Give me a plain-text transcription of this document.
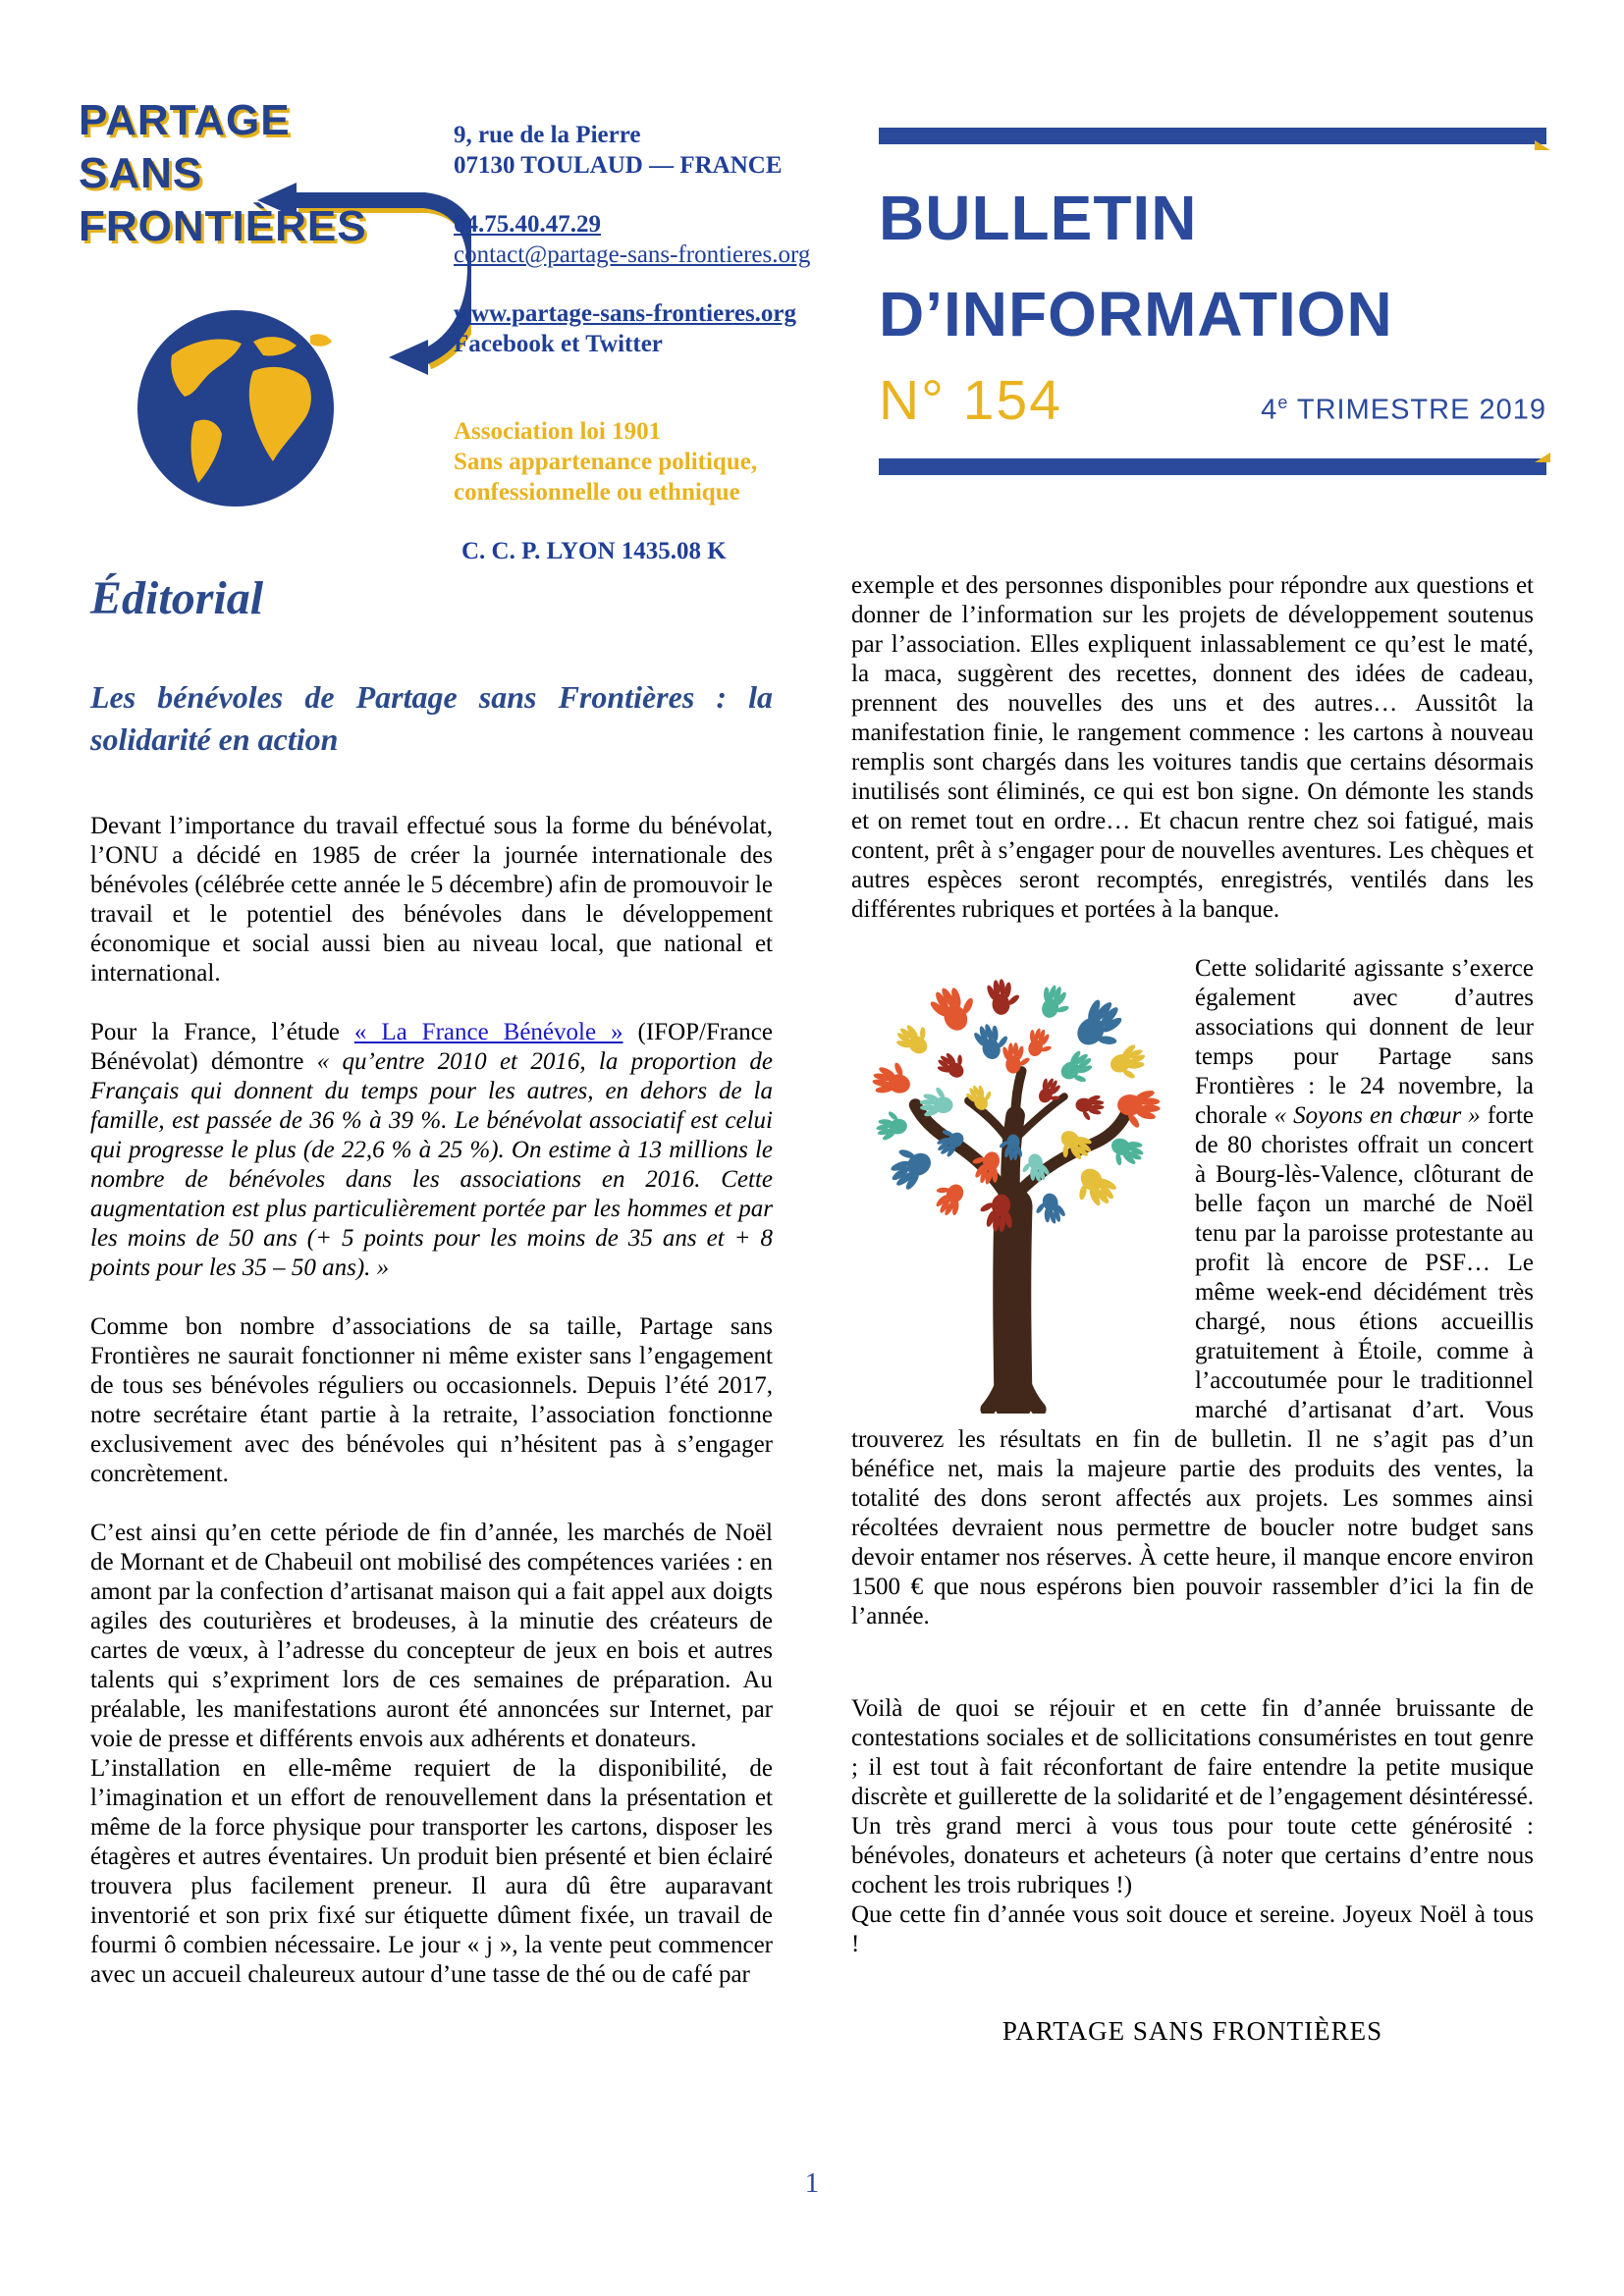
PARTAGE
SANS
FRONTIÈRES
9, rue de la Pierre
07130 TOULAUD — FRANCE
04.75.40.47.29
contact@partage-sans-frontieres.org
www.partage-sans-frontieres.org
Facebook et Twitter
Association loi 1901
Sans appartenance politique,
confessionnelle ou ethnique
C. C. P. LYON 1435.08 K
BULLETIN
D’INFORMATION
N° 154	4e TRIMESTRE 2019
Éditorial
Les bénévoles de Partage sans Frontières : la solidarité en action

Devant l’importance du travail effectué sous la forme du bénévolat, l’ONU a décidé en 1985 de créer la journée internationale des bénévoles (célébrée cette année le 5 décembre) afin de promouvoir le travail et le potentiel des bénévoles dans le développement économique et social aussi bien au niveau local, que national et international.

Pour la France, l’étude « La France Bénévole » (IFOP/France Bénévolat) démontre « qu’entre 2010 et 2016, la proportion de Français qui donnent du temps pour les autres, en dehors de la famille, est passée de 36 % à 39 %. Le bénévolat associatif est celui qui progresse le plus (de 22,6 % à 25 %). On estime à 13 millions le nombre de bénévoles dans les associations en 2016. Cette augmentation est plus particulièrement portée par les hommes et par les moins de 50 ans (+ 5 points pour les moins de 35 ans et + 8 points pour les 35 – 50 ans). »

Comme bon nombre d’associations de sa taille, Partage sans Frontières ne saurait fonctionner ni même exister sans l’engagement de tous ses bénévoles réguliers ou occasionnels. Depuis l’été 2017, notre secrétaire étant partie à la retraite, l’association fonctionne exclusivement avec des bénévoles qui n’hésitent pas à s’engager concrètement.

C’est ainsi qu’en cette période de fin d’année, les marchés de Noël de Mornant et de Chabeuil ont mobilisé des compétences variées : en amont par la confection d’artisanat maison qui a fait appel aux doigts agiles des couturières et brodeuses, à la minutie des créateurs de cartes de vœux, à l’adresse du concepteur de jeux en bois et autres talents qui s’expriment lors de ces semaines de préparation. Au préalable, les manifestations auront été annoncées sur Internet, par voie de presse et différents envois aux adhérents et donateurs.

L’installation en elle-même requiert de la disponibilité, de l’imagination et un effort de renouvellement dans la présentation et même de la force physique pour transporter les cartons, disposer les étagères et autres éventaires. Un produit bien présenté et bien éclairé trouvera plus facilement preneur. Il aura dû être auparavant inventorié et son prix fixé sur étiquette dûment fixée, un travail de fourmi ô combien nécessaire. Le jour « j », la vente peut commencer avec un accueil chaleureux autour d’une tasse de thé ou de café par

exemple et des personnes disponibles pour répondre aux questions et donner de l’information sur les projets de développement soutenus par l’association. Elles expliquent inlassablement ce qu’est le maté, la maca, suggèrent des recettes, donnent des idées de cadeau, prennent des nouvelles des uns et des autres… Aussitôt la manifestation finie, le rangement commence : les cartons à nouveau remplis sont chargés dans les voitures tandis que certains désormais inutilisés sont éliminés, ce qui est bon signe. On démonte les stands et on remet tout en ordre… Et chacun rentre chez soi fatigué, mais content, prêt à s’engager pour de nouvelles aventures. Les chèques et autres espèces seront recomptés, enregistrés, ventilés dans les différentes rubriques et portées à la banque.

Cette solidarité agissante s’exerce également avec d’autres associations qui donnent de leur temps pour Partage sans Frontières : le 24 novembre, la chorale « Soyons en chœur » forte de 80 choristes offrait un concert à Bourg-lès-Valence, clôturant de belle façon un marché de Noël tenu par la paroisse protestante au profit là encore de PSF… Le même week-end décidément très chargé, nous étions accueillis gratuitement à Étoile, comme à l’accoutumée pour le traditionnel marché d’artisanat d’art. Vous trouverez les résultats en fin de bulletin. Il ne s’agit pas d’un bénéfice net, mais la majeure partie des produits des ventes, la totalité des dons seront affectés aux projets. Les sommes ainsi récoltées devraient nous permettre de boucler notre budget sans devoir entamer nos réserves. À cette heure, il manque encore environ 1500 € que nous espérons bien pouvoir rassembler d’ici la fin de l’année.

Voilà de quoi se réjouir et en cette fin d’année bruissante de contestations sociales et de sollicitations consuméristes en tout genre ; il est tout à fait réconfortant de faire entendre la petite musique discrète et guillerette de la solidarité et de l’engagement désintéressé. Un très grand merci à vous tous pour toute cette générosité : bénévoles, donateurs et acheteurs (à noter que certains d’entre nous cochent les trois rubriques !)

Que cette fin d’année vous soit douce et sereine. Joyeux Noël à tous !

PARTAGE SANS FRONTIÈRES
1
